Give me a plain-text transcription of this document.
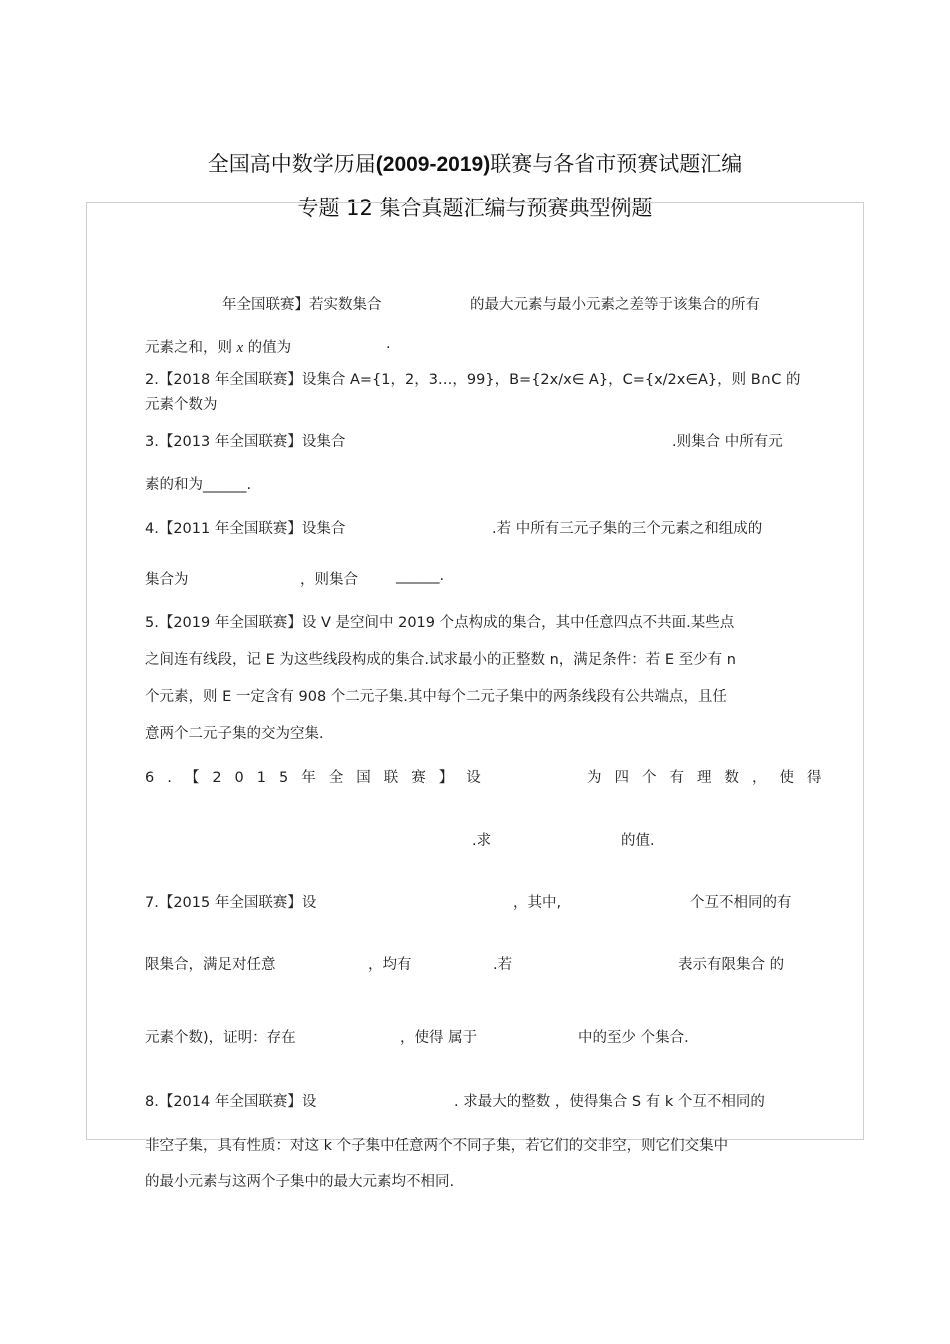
全国高中数学历届(2009-2019)联赛与各省市预赛试题汇编
专题 12 集合真题汇编与预赛典型例题
年全国联赛】若实数集合	的最大元素与最小元素之差等于该集合的所有
元素之和，则 x 的值为	.
2.【2018 年全国联赛】设集合 A={1，2，3…，99}，B={2x/x∈ A}，C={x/2x∈A}，则 B∩C 的
元素个数为
3.【2013 年全国联赛】设集合	.则集合 中所有元
素的和为______.
4.【2011 年全国联赛】设集合	.若 中所有三元子集的三个元素之和组成的
集合为	，则集合	______.
5.【2019 年全国联赛】设 V 是空间中 2019 个点构成的集合，其中任意四点不共面.某些点
之间连有线段，记 E 为这些线段构成的集合.试求最小的正整数 n，满足条件：若 E 至少有 n
个元素，则 E 一定含有 908 个二元子集.其中每个二元子集中的两条线段有公共端点，且任
意两个二元子集的交为空集.
6.【2015年全国联赛】设	为四个有理数，使得
.求	的值.
7.【2015 年全国联赛】设	，其中,	个互不相同的有
限集合，满足对任意	，均有	.若	表示有限集合 的
元素个数)，证明：存在	，使得 属于	中的至少 个集合.
8.【2014 年全国联赛】设	. 求最大的整数 ，使得集合 S 有 k 个互不相同的
非空子集，具有性质：对这 k 个子集中任意两个不同子集，若它们的交非空，则它们交集中
的最小元素与这两个子集中的最大元素均不相同.
